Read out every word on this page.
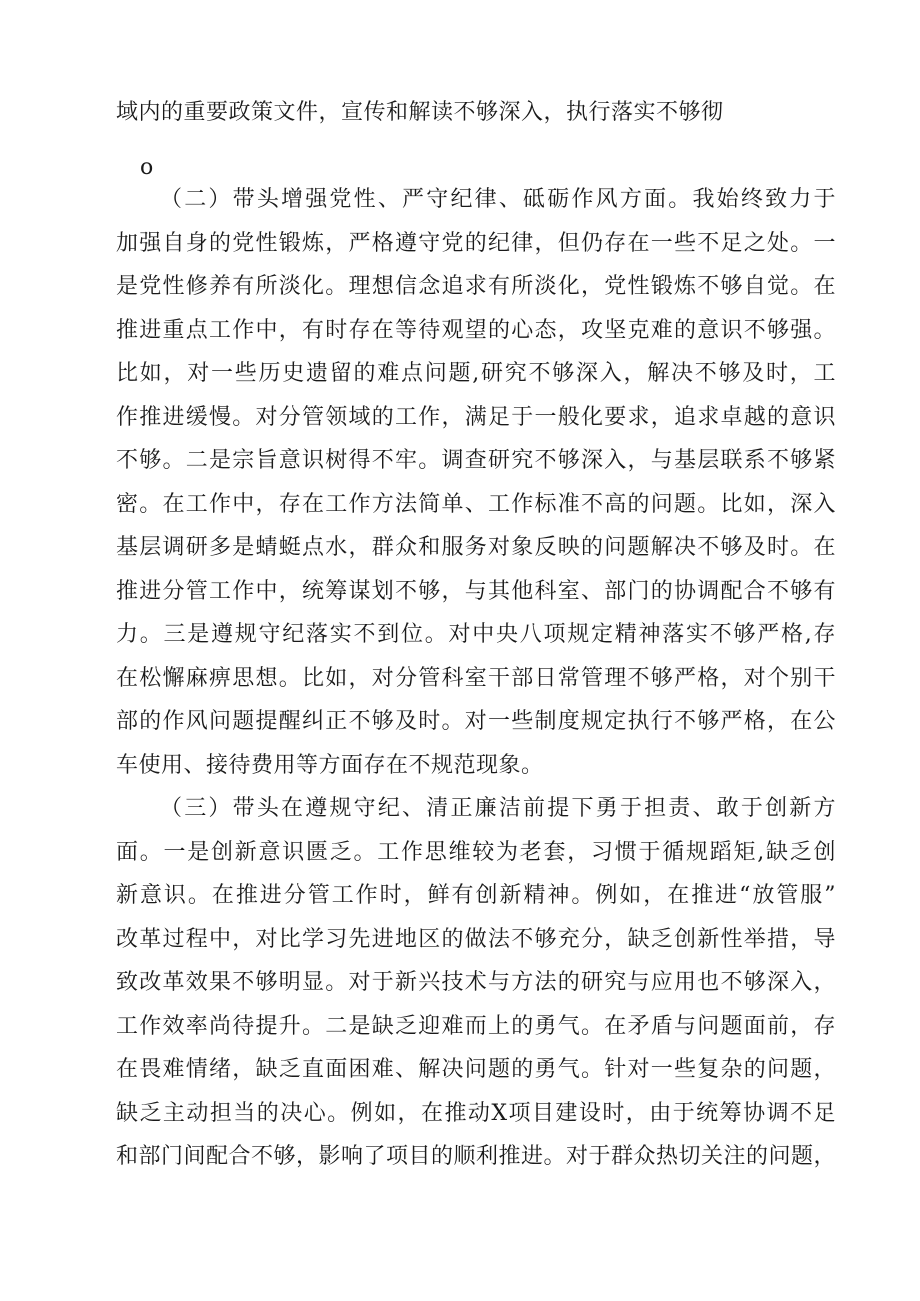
域内的重要政策文件，宣传和解读不够深入，执行落实不够彻
o
（二）带头增强党性、严守纪律、砥砺作风方面。我始终致力于
加强自身的党性锻炼，严格遵守党的纪律，但仍存在一些不足之处。一
是党性修养有所淡化。理想信念追求有所淡化，党性锻炼不够自觉。在
推进重点工作中，有时存在等待观望的心态，攻坚克难的意识不够强。
比如，对一些历史遗留的难点问题,研究不够深入，解决不够及时，工
作推进缓慢。对分管领域的工作，满足于一般化要求，追求卓越的意识
不够。二是宗旨意识树得不牢。调查研究不够深入，与基层联系不够紧
密。在工作中，存在工作方法简单、工作标准不高的问题。比如，深入
基层调研多是蜻蜓点水，群众和服务对象反映的问题解决不够及时。在
推进分管工作中，统筹谋划不够，与其他科室、部门的协调配合不够有
力。三是遵规守纪落实不到位。对中央八项规定精神落实不够严格,存
在松懈麻痹思想。比如，对分管科室干部日常管理不够严格，对个别干
部的作风问题提醒纠正不够及时。对一些制度规定执行不够严格，在公
车使用、接待费用等方面存在不规范现象。
（三）带头在遵规守纪、清正廉洁前提下勇于担责、敢于创新方
面。一是创新意识匮乏。工作思维较为老套，习惯于循规蹈矩,缺乏创
新意识。在推进分管工作时，鲜有创新精神。例如，在推进“放管服”
改革过程中，对比学习先进地区的做法不够充分，缺乏创新性举措，导
致改革效果不够明显。对于新兴技术与方法的研究与应用也不够深入，
工作效率尚待提升。二是缺乏迎难而上的勇气。在矛盾与问题面前，存
在畏难情绪，缺乏直面困难、解决问题的勇气。针对一些复杂的问题，
缺乏主动担当的决心。例如，在推动X项目建设时，由于统筹协调不足
和部门间配合不够，影响了项目的顺利推进。对于群众热切关注的问题，
